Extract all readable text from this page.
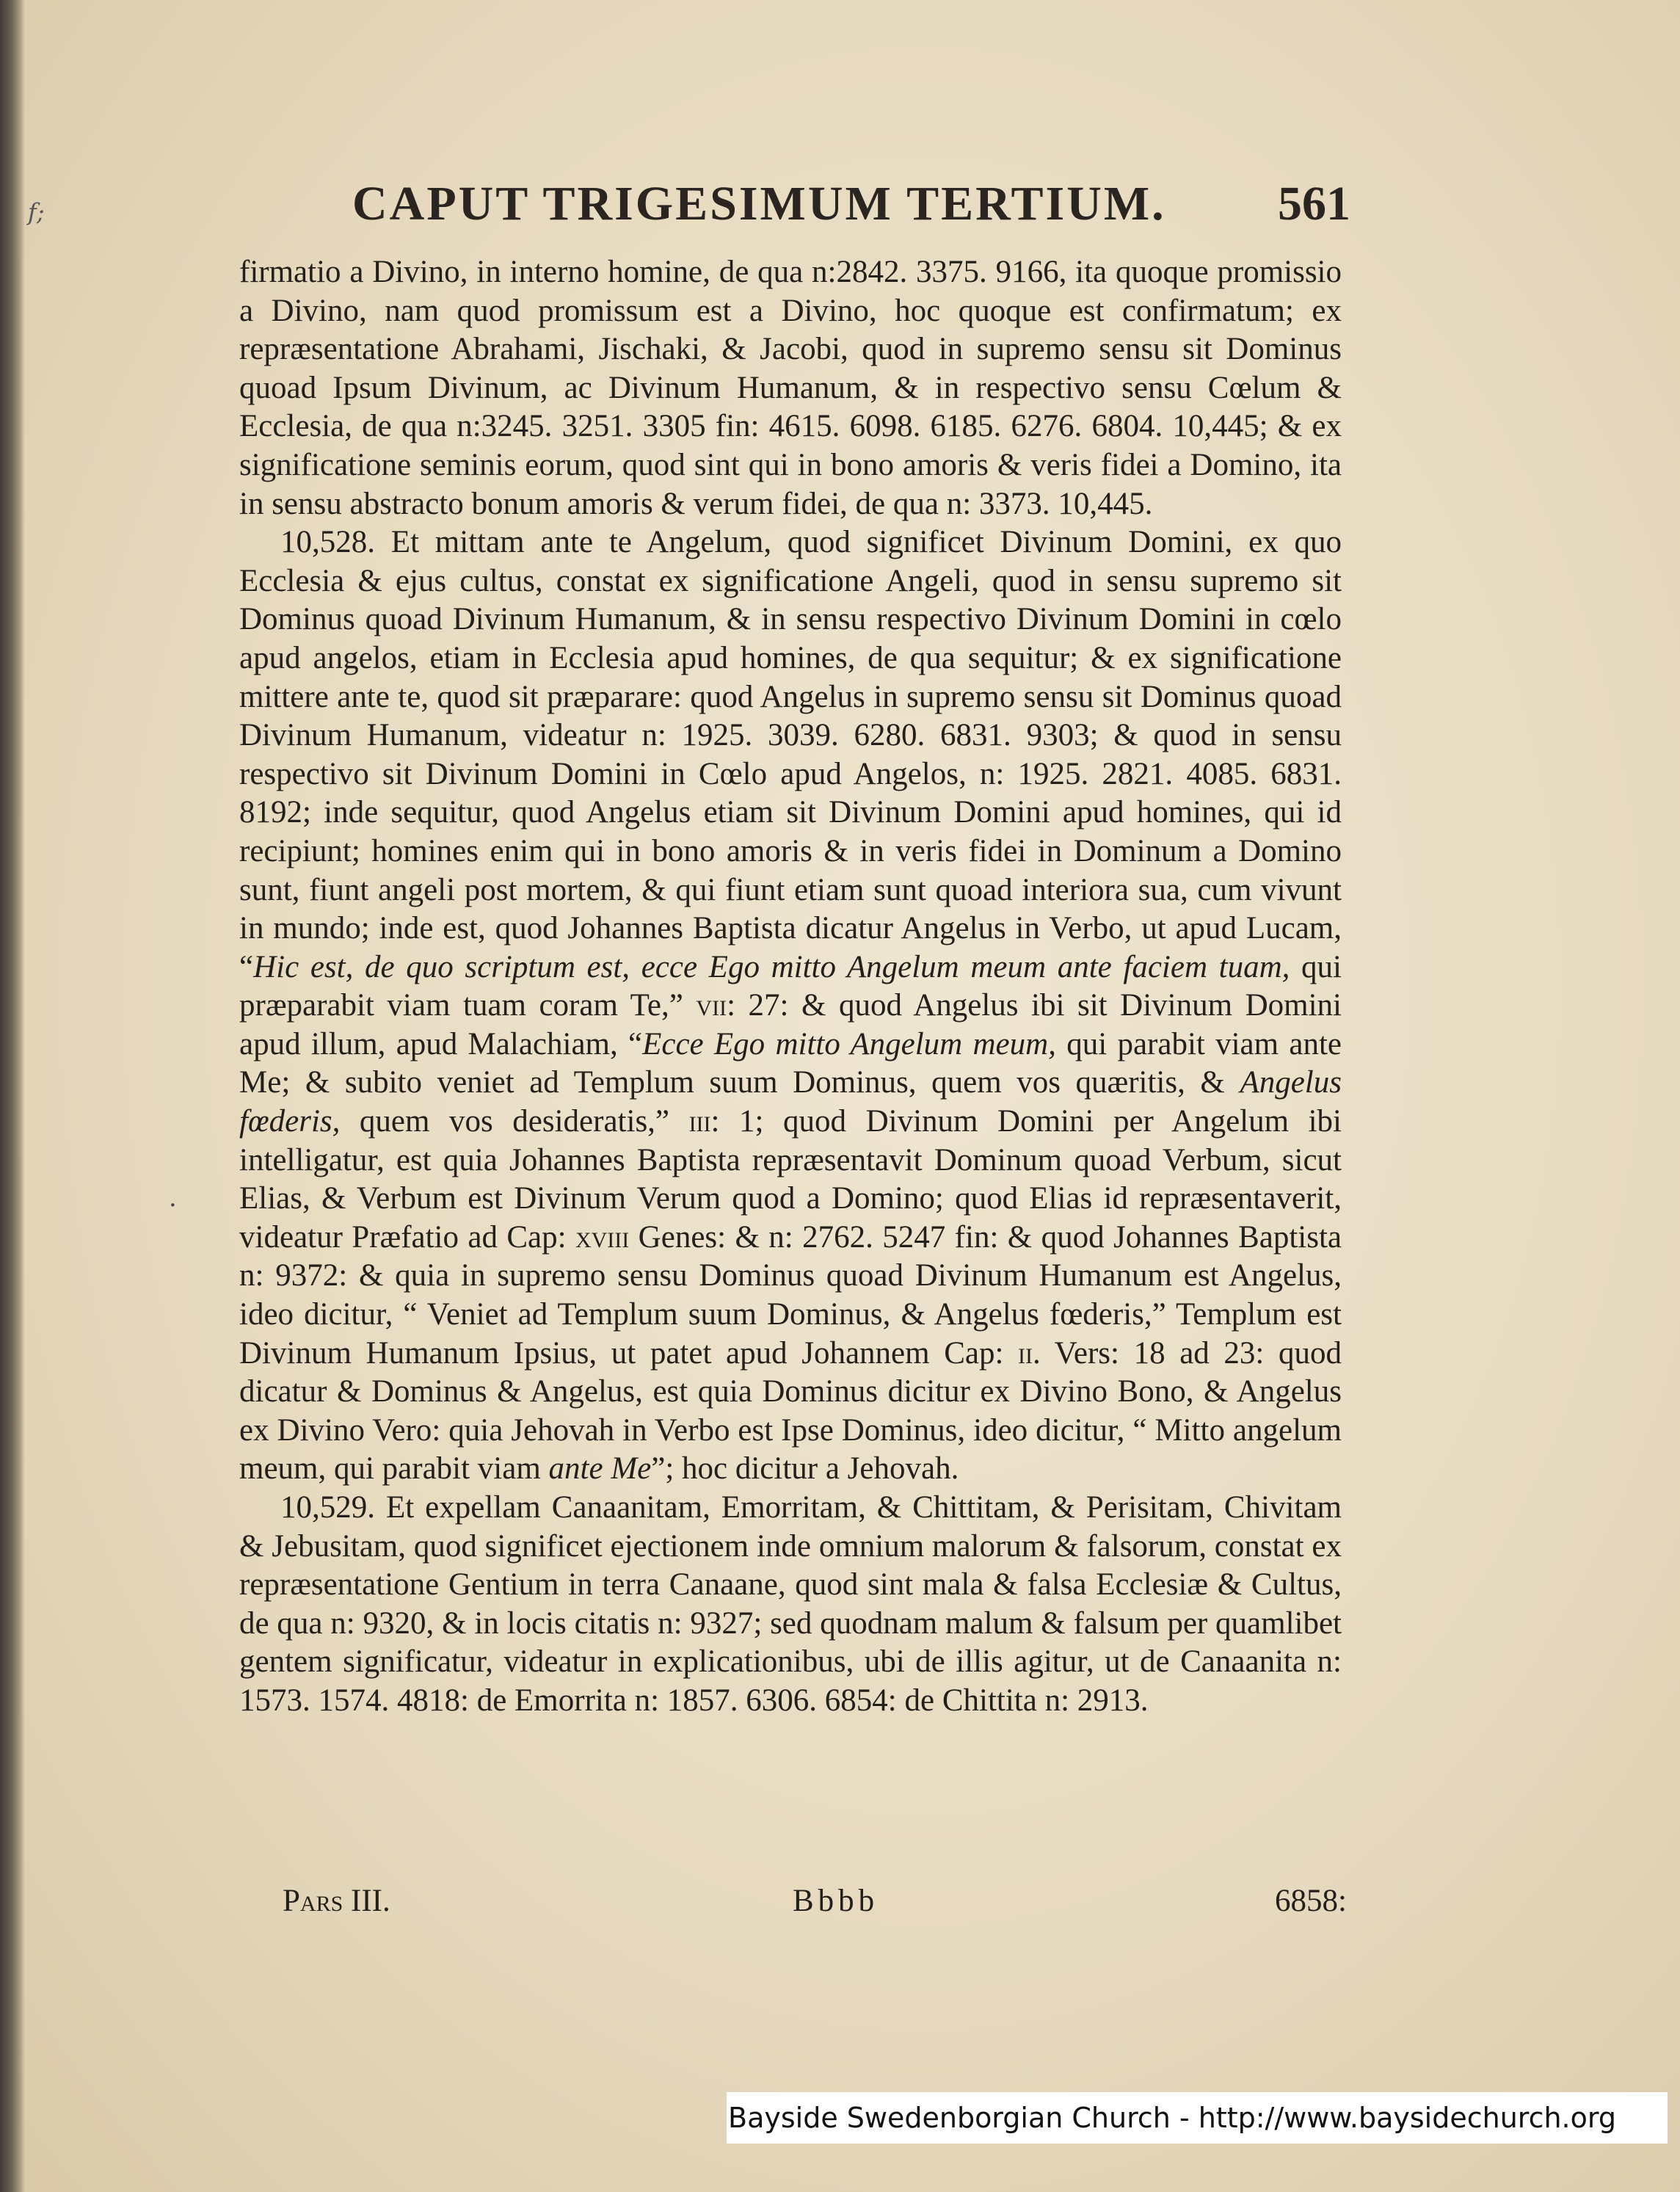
f;
·
CAPUT TRIGESIMUM TERTIUM. 561

firmatio a Divino, in interno homine, de qua n:2842. 3375. 9166, ita quoque promissio a Divino, nam quod promissum est a Divino, hoc quoque est confirmatum; ex repræsentatione Abrahami, Jischaki, & Jacobi, quod in supremo sensu sit Dominus quoad Ipsum Divinum, ac Divinum Humanum, & in respectivo sensu Cœlum & Ecclesia, de qua n:3245. 3251. 3305 fin: 4615. 6098. 6185. 6276. 6804. 10,445; & ex significatione seminis eorum, quod sint qui in bono amoris & veris fidei a Domino, ita in sensu abstracto bonum amoris & verum fidei, de qua n: 3373. 10,445.

10,528. Et mittam ante te Angelum, quod significet Divinum Domini, ex quo Ecclesia & ejus cultus, constat ex significatione Angeli, quod in sensu supremo sit Dominus quoad Divinum Humanum, & in sensu respectivo Divinum Domini in cœlo apud angelos, etiam in Ecclesia apud homines, de qua sequitur; & ex significatione mittere ante te, quod sit præparare: quod Angelus in supremo sensu sit Dominus quoad Divinum Humanum, videatur n: 1925. 3039. 6280. 6831. 9303; & quod in sensu respectivo sit Divinum Domini in Cœlo apud Angelos, n: 1925. 2821. 4085. 6831. 8192; inde sequitur, quod Angelus etiam sit Divinum Domini apud homines, qui id recipiunt; homines enim qui in bono amoris & in veris fidei in Dominum a Domino sunt, fiunt angeli post mortem, & qui fiunt etiam sunt quoad interiora sua, cum vivunt in mundo; inde est, quod Johannes Baptista dicatur Angelus in Verbo, ut apud Lucam, “Hic est, de quo scriptum est, ecce Ego mitto Angelum meum ante faciem tuam, qui præparabit viam tuam coram Te,” vii: 27: & quod Angelus ibi sit Divinum Domini apud illum, apud Malachiam, “Ecce Ego mitto Angelum meum, qui parabit viam ante Me; & subito veniet ad Templum suum Dominus, quem vos quæritis, & Angelus fœderis, quem vos desideratis,” iii: 1; quod Divinum Domini per Angelum ibi intelligatur, est quia Johannes Baptista repræsentavit Dominum quoad Verbum, sicut Elias, & Verbum est Divinum Verum quod a Domino; quod Elias id repræsentaverit, videatur Præfatio ad Cap: xviii Genes: & n: 2762. 5247 fin: & quod Johannes Baptista n: 9372: & quia in supremo sensu Dominus quoad Divinum Humanum est Angelus, ideo dicitur, “ Veniet ad Templum suum Dominus, & Angelus fœderis,” Templum est Divinum Humanum Ipsius, ut patet apud Johannem Cap: ii. Vers: 18 ad 23: quod dicatur & Dominus & Angelus, est quia Dominus dicitur ex Divino Bono, & Angelus ex Divino Vero: quia Jehovah in Verbo est Ipse Dominus, ideo dicitur, “ Mitto angelum meum, qui parabit viam ante Me”; hoc dicitur a Jehovah.

10,529. Et expellam Canaanitam, Emorritam, & Chittitam, & Perisitam, Chivitam & Jebusitam, quod significet ejectionem inde omnium malorum & falsorum, constat ex repræsentatione Gentium in terra Canaane, quod sint mala & falsa Ecclesiæ & Cultus, de qua n: 9320, & in locis citatis n: 9327; sed quodnam malum & falsum per quamlibet gentem significatur, videatur in explicationibus, ubi de illis agitur, ut de Canaanita n: 1573. 1574. 4818: de Emorrita n: 1857. 6306. 6854: de Chittita n: 2913.

Pars III.	Bbbb	6858:
Bayside Swedenborgian Church - http://www.baysidechurch.org
